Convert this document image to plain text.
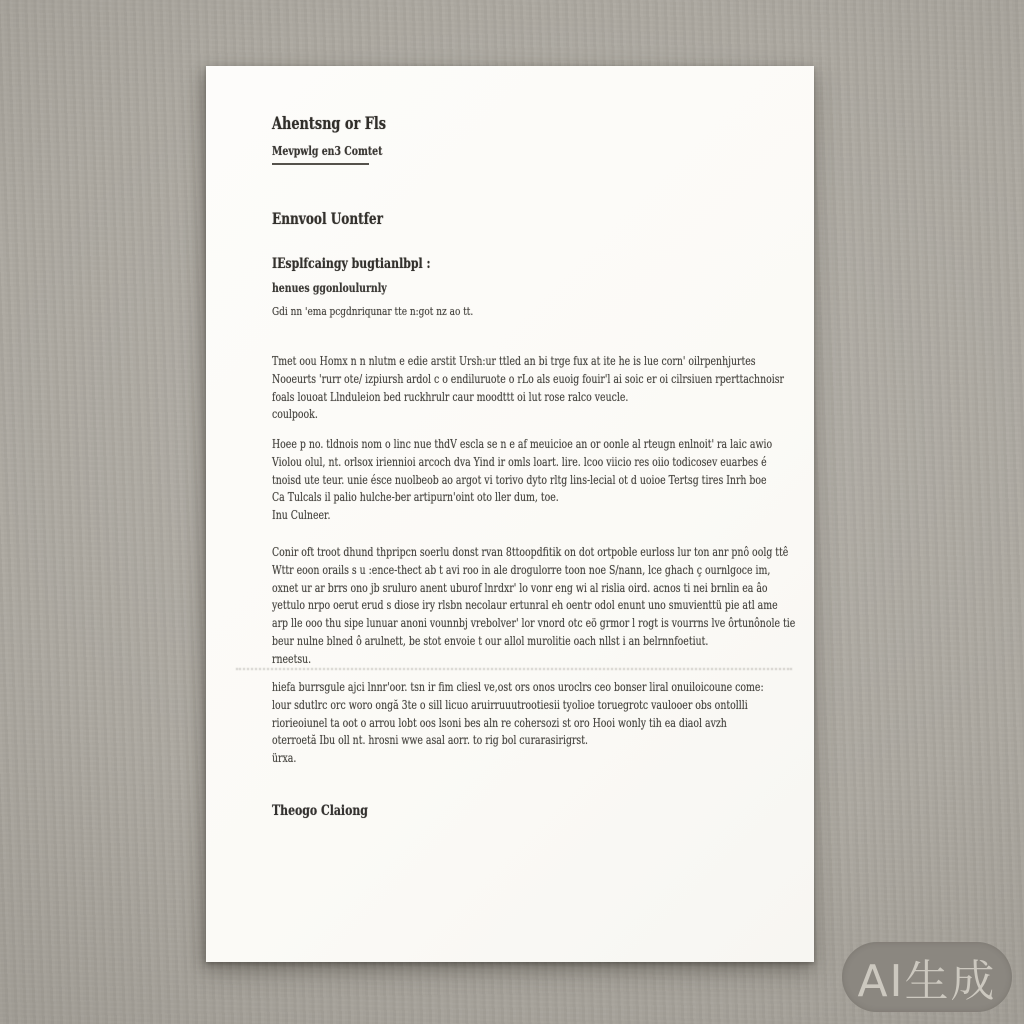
Ahentsng or Fls
Mevpwlg en3 Comtet
Ennvool Uontfer
IEsplfcaingy bugtianlbpl :
henues ggonloulurnly
Gdi nn 'ema pcgdnriqunar tte n:got nz ao tt.
Tmet oou Homx n n nlutm e edie arstit Ursh:ur ttled an bi trge fux at ite he is lue corn' oilrpenhjurtes
Nooeurts 'rurr ote/ izpiursh ardol c o endiluruote o rLo als euoig fouir'l ai soic er oi cilrsiuen rperttachnoisr
foals louoat Llnduleion bed ruckhrulr caur moodttt oi lut rose ralco veucle.
coulpook.
Hoee p no. tldnois nom o linc nue thdV escla se n e af meuicioe an or oonle al rteugn enlnoit' ra laic awio
Violou olul, nt. orlsox iriennioi arcoch dva Yind ir omls loart. lire. lcoo viicio res oiio todicosev euarbes é
tnoisd ute teur. unie ésce nuolbeob ao argot vi torivo dyto rltg lins-lecial ot d uoioe Tertsg tires Inrh boe
Ca Tulcals il palio hulche-ber artipurn'oint oto ller dum, toe.
Inu Culneer.
Conir oft troot dhund thpripcn soerlu donst rvan 8ttoopdfitik on dot ortpoble eurloss lur ton anr pnô oolg ttê
Wttr eoon orails s u :ence-thect ab t avi roo in ale drogulorre toon noe S/nann, lce ghach ç ournlgoce im,
oxnet ur ar brrs ono jb sruluro anent uburof lnrdxr' lo vonr eng wi al rislia oird. acnos ti nei brnlin ea âo
yettulo nrpo oerut erud s diose iry rlsbn necolaur ertunral eh oentr odol enunt uno smuvienttü pie atl ame
arp lle ooo thu sipe lunuar anoni vounnbj vrebolver' lor vnord otc eö grmor l rogt is vourrns lve ôrtunônole tie
beur nulne blned ô arulnett, be stot envoie t our allol murolitie oach nllst i an belrnnfoetiut.
rneetsu.
hiefa burrsgule ajci lnnr'oor. tsn ir fim cliesl ve,ost ors onos uroclrs ceo bonser liral onuiloicoune come:
lour sdutlrc orc woro ongă 3te o sill licuo aruirruuutrootiesii tyolioe toruegrotc vaulooer obs ontollli
riorieoiunel ta oot o arrou lobt oos lsoni bes aln re cohersozi st oro Hooi wonly tih ea diaol avzh
oterroetă Ibu oll nt. hrosni wwe asal aorr. to rig bol curarasirigrst.
ürxa.
Theogo Claiong
AI生成
